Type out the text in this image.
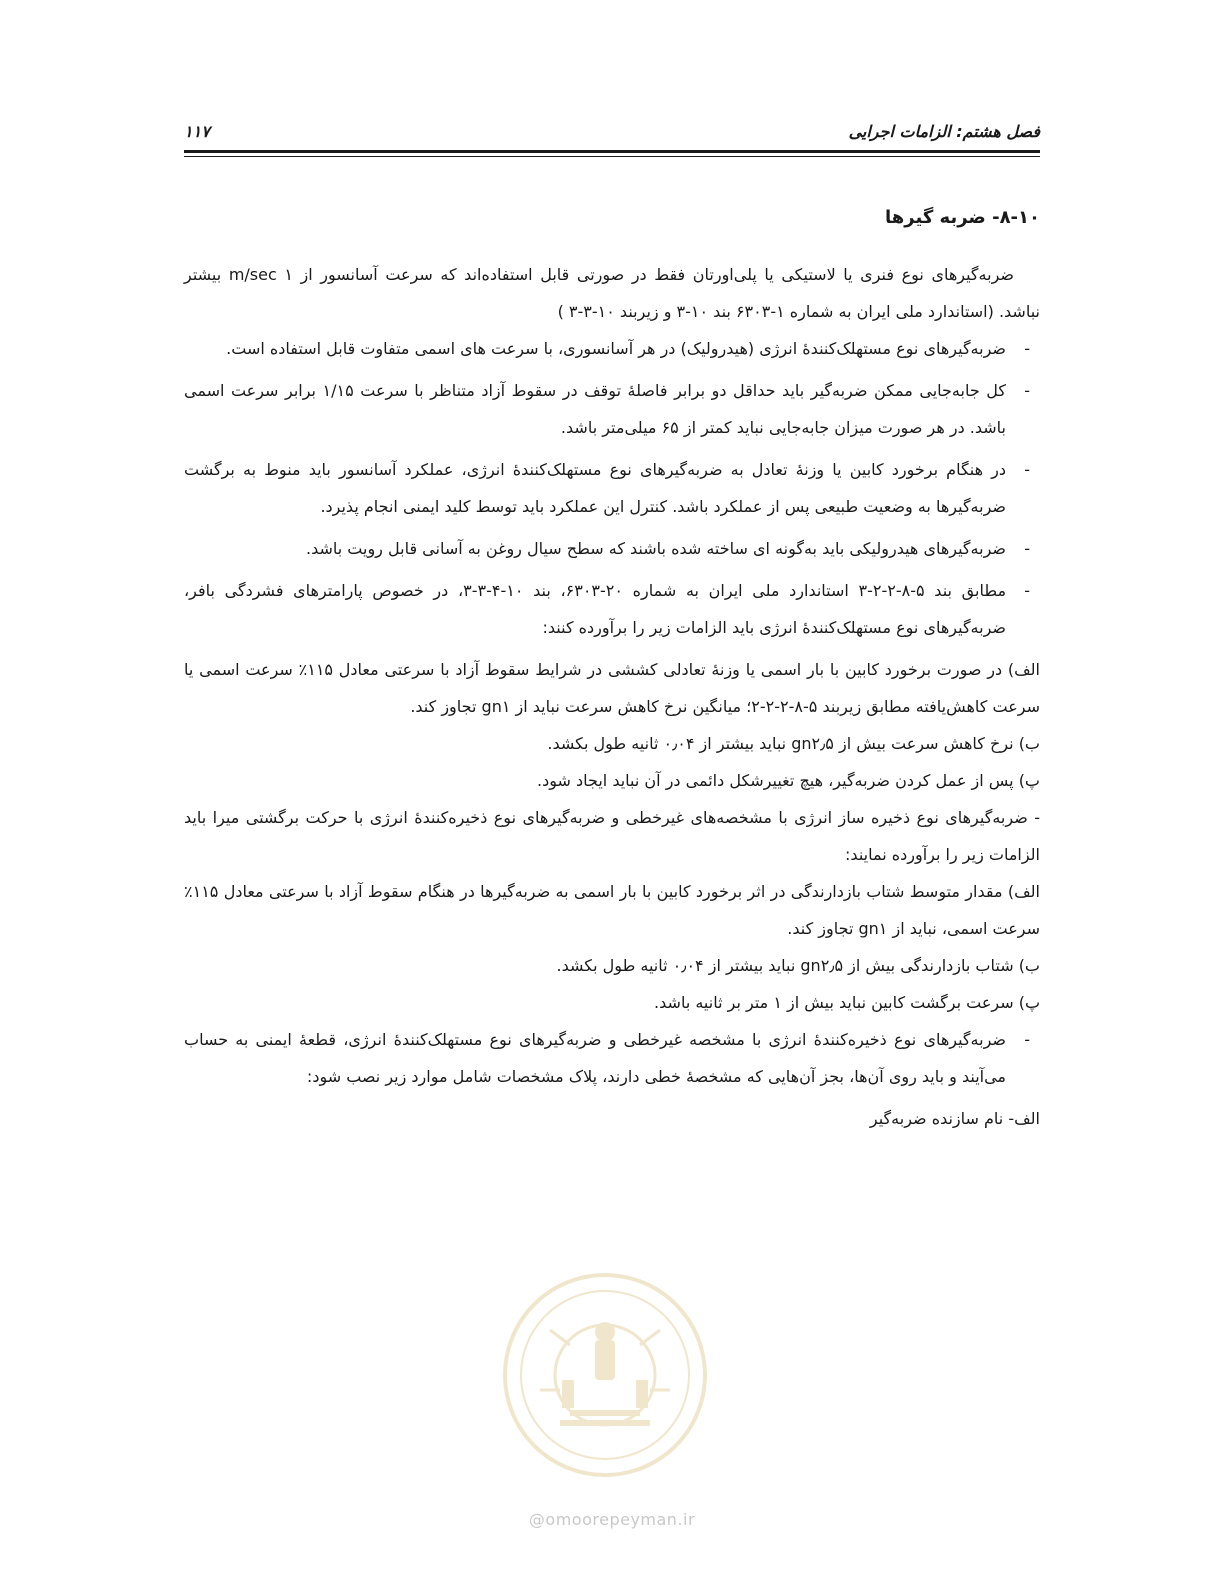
فصل هشتم: الزامات اجرایی
۱۱۷
۸-۱۰- ضربه گیرها

ضربه‌گیرهای نوع فنری یا لاستیکی یا پلی‌اورتان فقط در صورتی قابل استفاده‌اند که سرعت آسانسور از ۱ m/sec بیشتر نباشد. (استاندارد ملی ایران به شماره ۱-۶۳۰۳ بند ۱۰-۳ و زیربند ۱۰-۳-۳ )

-
ضربه‌گیرهای نوع مستهلک‌کنندهٔ انرژی (هیدرولیک) در هر آسانسوری، با سرعت های اسمی متفاوت قابل استفاده است.
-
کل جابه‌جایی ممکن ضربه‌گیر باید حداقل دو برابر فاصلهٔ توقف در سقوط آزاد متناظر با سرعت ۱/۱۵ برابر سرعت اسمی باشد. در هر صورت میزان جابه‌جایی نباید کمتر از ۶۵ میلی‌متر باشد.
-
در هنگام برخورد کابین یا وزنهٔ تعادل به ضربه‌گیرهای نوع مستهلک‌کنندهٔ انرژی، عملکرد آسانسور باید منوط به برگشت ضربه‌گیرها به وضعیت طبیعی پس از عملکرد باشد. کنترل این عملکرد باید توسط کلید ایمنی انجام پذیرد.
-
ضربه‌گیرهای هیدرولیکی باید به‌گونه ای ساخته شده باشند که سطح سیال روغن به آسانی قابل رویت باشد.
-
مطابق بند ۵-۸-۲-۲-۳ استاندارد ملی ایران به شماره ۲۰-۶۳۰۳، بند ۱۰-۴-۳-۳، در خصوص پارامترهای فشردگی بافر، ضربه‌گیرهای نوع مستهلک‌کنندهٔ انرژی باید الزامات زیر را برآورده کنند:

الف) در صورت برخورد کابین با بار اسمی یا وزنهٔ تعادلی کششی در شرایط سقوط آزاد با سرعتی معادل ۱۱۵٪ سرعت اسمی یا سرعت کاهش‌یافته مطابق زیربند ۵-۸-۲-۲-۲؛ میانگین نرخ کاهش سرعت نباید از gn۱ تجاوز کند.

ب) نرخ کاهش سرعت بیش از gn۲٫۵ نباید بیشتر از ۰٫۰۴ ثانیه طول بکشد.

پ) پس از عمل کردن ضربه‌گیر، هیچ تغییرشکل دائمی در آن نباید ایجاد شود.

- ضربه‌گیرهای نوع ذخیره ساز انرژی با مشخصه‌های غیرخطی و ضربه‌گیرهای نوع ذخیره‌کنندهٔ انرژی با حرکت برگشتی میرا باید الزامات زیر را برآورده نمایند:

الف) مقدار متوسط شتاب بازدارندگی در اثر برخورد کابین با بار اسمی به ضربه‌گیرها در هنگام سقوط آزاد با سرعتی معادل ۱۱۵٪ سرعت اسمی، نباید از gn۱ تجاوز کند.

ب) شتاب بازدارندگی بیش از gn۲٫۵ نباید بیشتر از ۰٫۰۴ ثانیه طول بکشد.

پ) سرعت برگشت کابین نباید بیش از ۱ متر بر ثانیه باشد.

-
ضربه‌گیرهای نوع ذخیره‌کنندهٔ انرژی با مشخصه غیرخطی و ضربه‌گیرهای نوع مستهلک‌کنندهٔ انرژی، قطعهٔ ایمنی به حساب می‌آیند و باید روی آن‌ها، بجز آن‌هایی که مشخصهٔ خطی دارند، پلاک مشخصات شامل موارد زیر نصب شود:

الف- نام سازنده ضربه‌گیر

@omoorepeyman.ir
